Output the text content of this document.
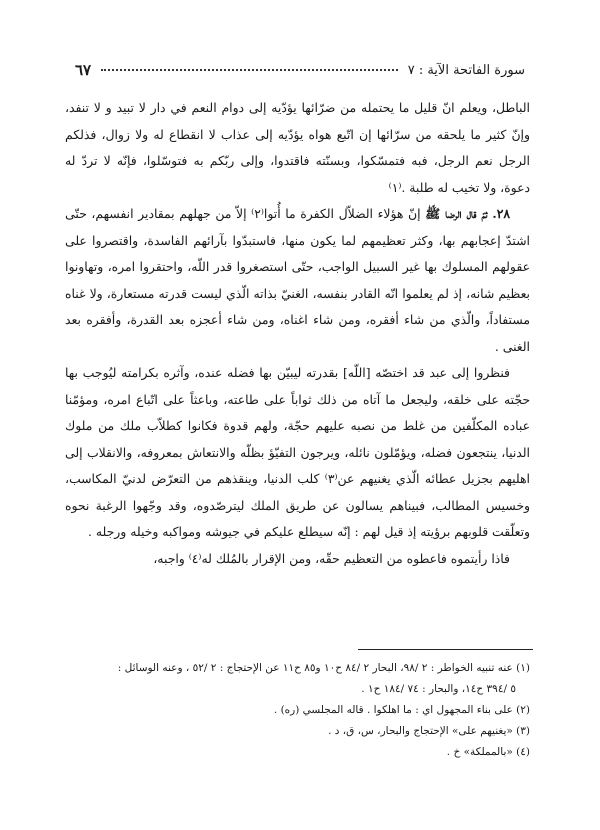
سورة الفاتحة الآية : ٧
٦٧

الباطل، ويعلم انّ قليل ما يحتمله من ضرّائها يؤدّيه إلى دوام النعم في دار لا تبيد و لا تنفد، وإنّ كثير ما يلحقه من سرّائها إن اتّبع هواه يؤدّيه إلى عذاب لا انقطاع له ولا زوال، فذلكم الرجل نعم الرجل، فبه فتمسّكوا، وبسنّته فاقتدوا، وإلى ربّكم به فتوسّلوا، فإنّه لا تردّ له دعوة، ولا تخيب له طلبة .⁽١⁾

٢٨. ثمّ قال الرضا ﷺ إنّ هؤلاء الضلاّل الكفرة ما أُتوا⁽٢⁾ إلاّ من جهلهم بمقادير انفسهم، حتّى اشتدّ إعجابهم بها، وكثر تعظيمهم لما يكون منها، فاستبدّوا بآرائهم الفاسدة، واقتصروا على عقولهم المسلوك بها غير السبيل الواجب، حتّى استصغروا قدر اللّه، واحتقروا امره، وتهاونوا بعظيم شانه، إذ لم يعلموا انّه القادر بنفسه، الغنيّ بذاته الّذي ليست قدرته مستعارة، ولا غناه مستفاداً، والّذي من شاء أفقره، ومن شاء اغناه، ومن شاء أعجزه بعد القدرة، وأفقره بعد الغنى .

فنظروا إلى عبد قد اختصّه [اللّه] بقدرته ليبيّن بها فضله عنده، وآثره بكرامته ليُوجب بها حجّته على خلقه، وليجعل ما آتاه من ذلك ثواباً على طاعته، وباعثاً على اتّباع امره، ومؤمّنا عباده المكلّفين من غلط من نصبه عليهم حجّة، ولهم قدوة فكانوا كطلاّب ملك من ملوك الدنيا، ينتجعون فضله، ويؤمّلون نائله، ويرجون التفيّؤ بظلّه والانتعاش بمعروفه، والانقلاب إلى اهليهم بجزيل عطائه الّذي يغنيهم عن⁽٣⁾ كلب الدنيا، وينقذهم من التعرّض لدنيّ المكاسب، وخسيس المطالب، فبيناهم يسالون عن طريق الملك ليترصّدوه، وقد وجّهوا الرغبة نحوه وتعلّقت قلوبهم برؤيته إذ قيل لهم : إنّه سيطلع عليكم في جيوشه ومواكبه وخيله ورجله .

فاذا رأيتموه فاعطوه من التعظيم حقّه، ومن الإقرار بالمُلك له⁽٤⁾ واجبه،

(١) عنه تنبيه الخواطر : ٢ /٩٨، البحار ٢ /٨٤ ح١٠ و٨٥ ح١١ عن الإحتجاج : ٢ /٥٢ ، وعنه الوسائل :
٥ /٣٩٤ ح١٤، والبحار : ٧٤ /١٨٤ ح١ .
(٢) على بناء المجهول اي : ما اهلكوا . قاله المجلسي (ره) .
(٣) «يغنيهم على» الإحتجاج والبحار، س، ق، د .
(٤) «بالمملكة» خ .
